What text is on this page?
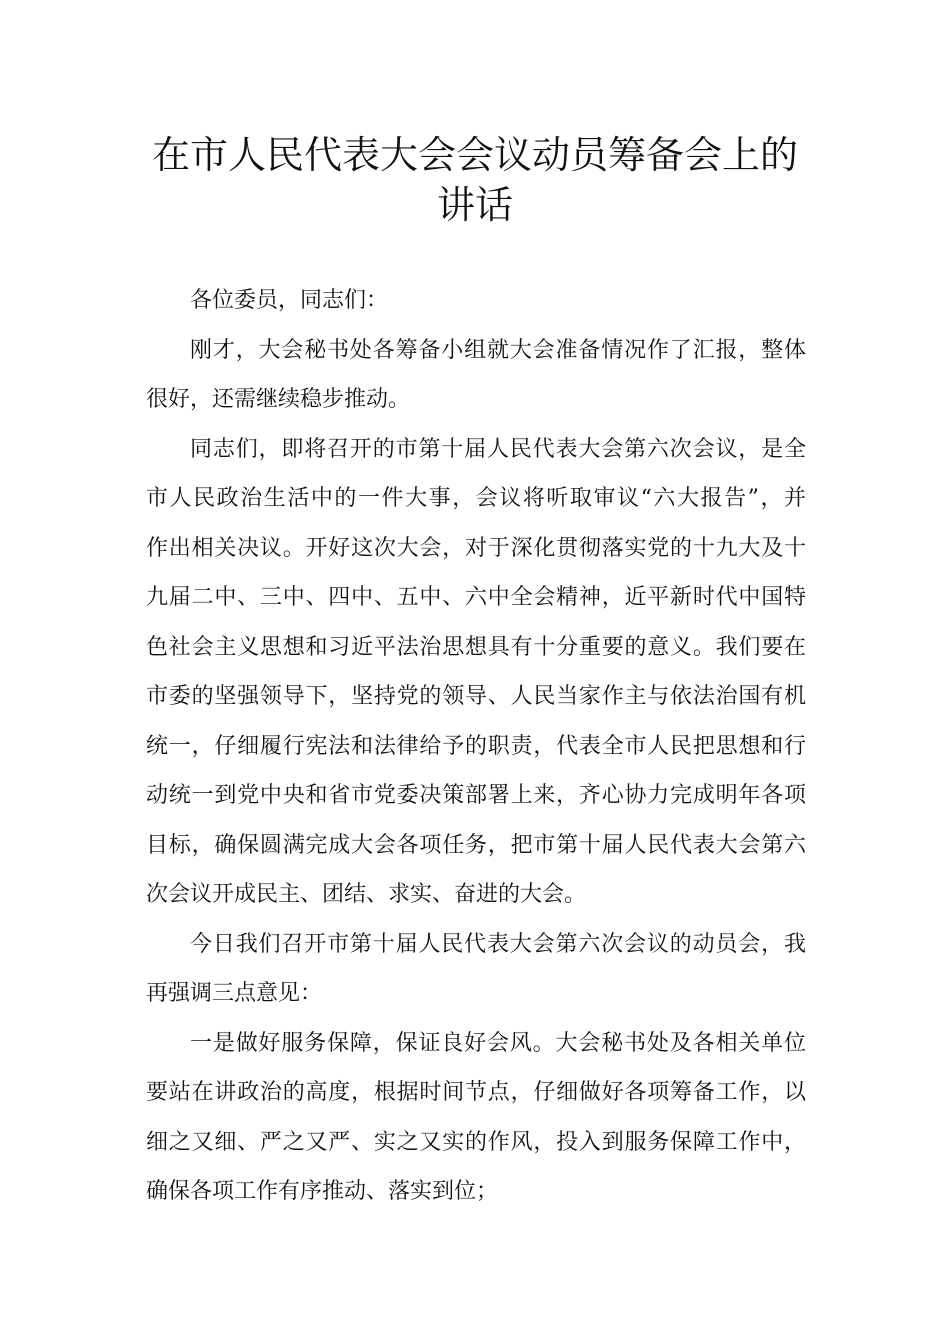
在市人民代表大会会议动员筹备会上的
讲话
各位委员，同志们：
刚才，大会秘书处各筹备小组就大会准备情况作了汇报，整体
很好，还需继续稳步推动。
同志们，即将召开的市第十届人民代表大会第六次会议，是全
市人民政治生活中的一件大事，会议将听取审议“六大报告”，并
作出相关决议。开好这次大会，对于深化贯彻落实党的十九大及十
九届二中、三中、四中、五中、六中全会精神，近平新时代中国特
色社会主义思想和习近平法治思想具有十分重要的意义。我们要在
市委的坚强领导下，坚持党的领导、人民当家作主与依法治国有机
统一，仔细履行宪法和法律给予的职责，代表全市人民把思想和行
动统一到党中央和省市党委决策部署上来，齐心协力完成明年各项
目标，确保圆满完成大会各项任务，把市第十届人民代表大会第六
次会议开成民主、团结、求实、奋进的大会。
今日我们召开市第十届人民代表大会第六次会议的动员会，我
再强调三点意见：
一是做好服务保障，保证良好会风。大会秘书处及各相关单位
要站在讲政治的高度，根据时间节点，仔细做好各项筹备工作，以
细之又细、严之又严、实之又实的作风，投入到服务保障工作中，
确保各项工作有序推动、落实到位；
